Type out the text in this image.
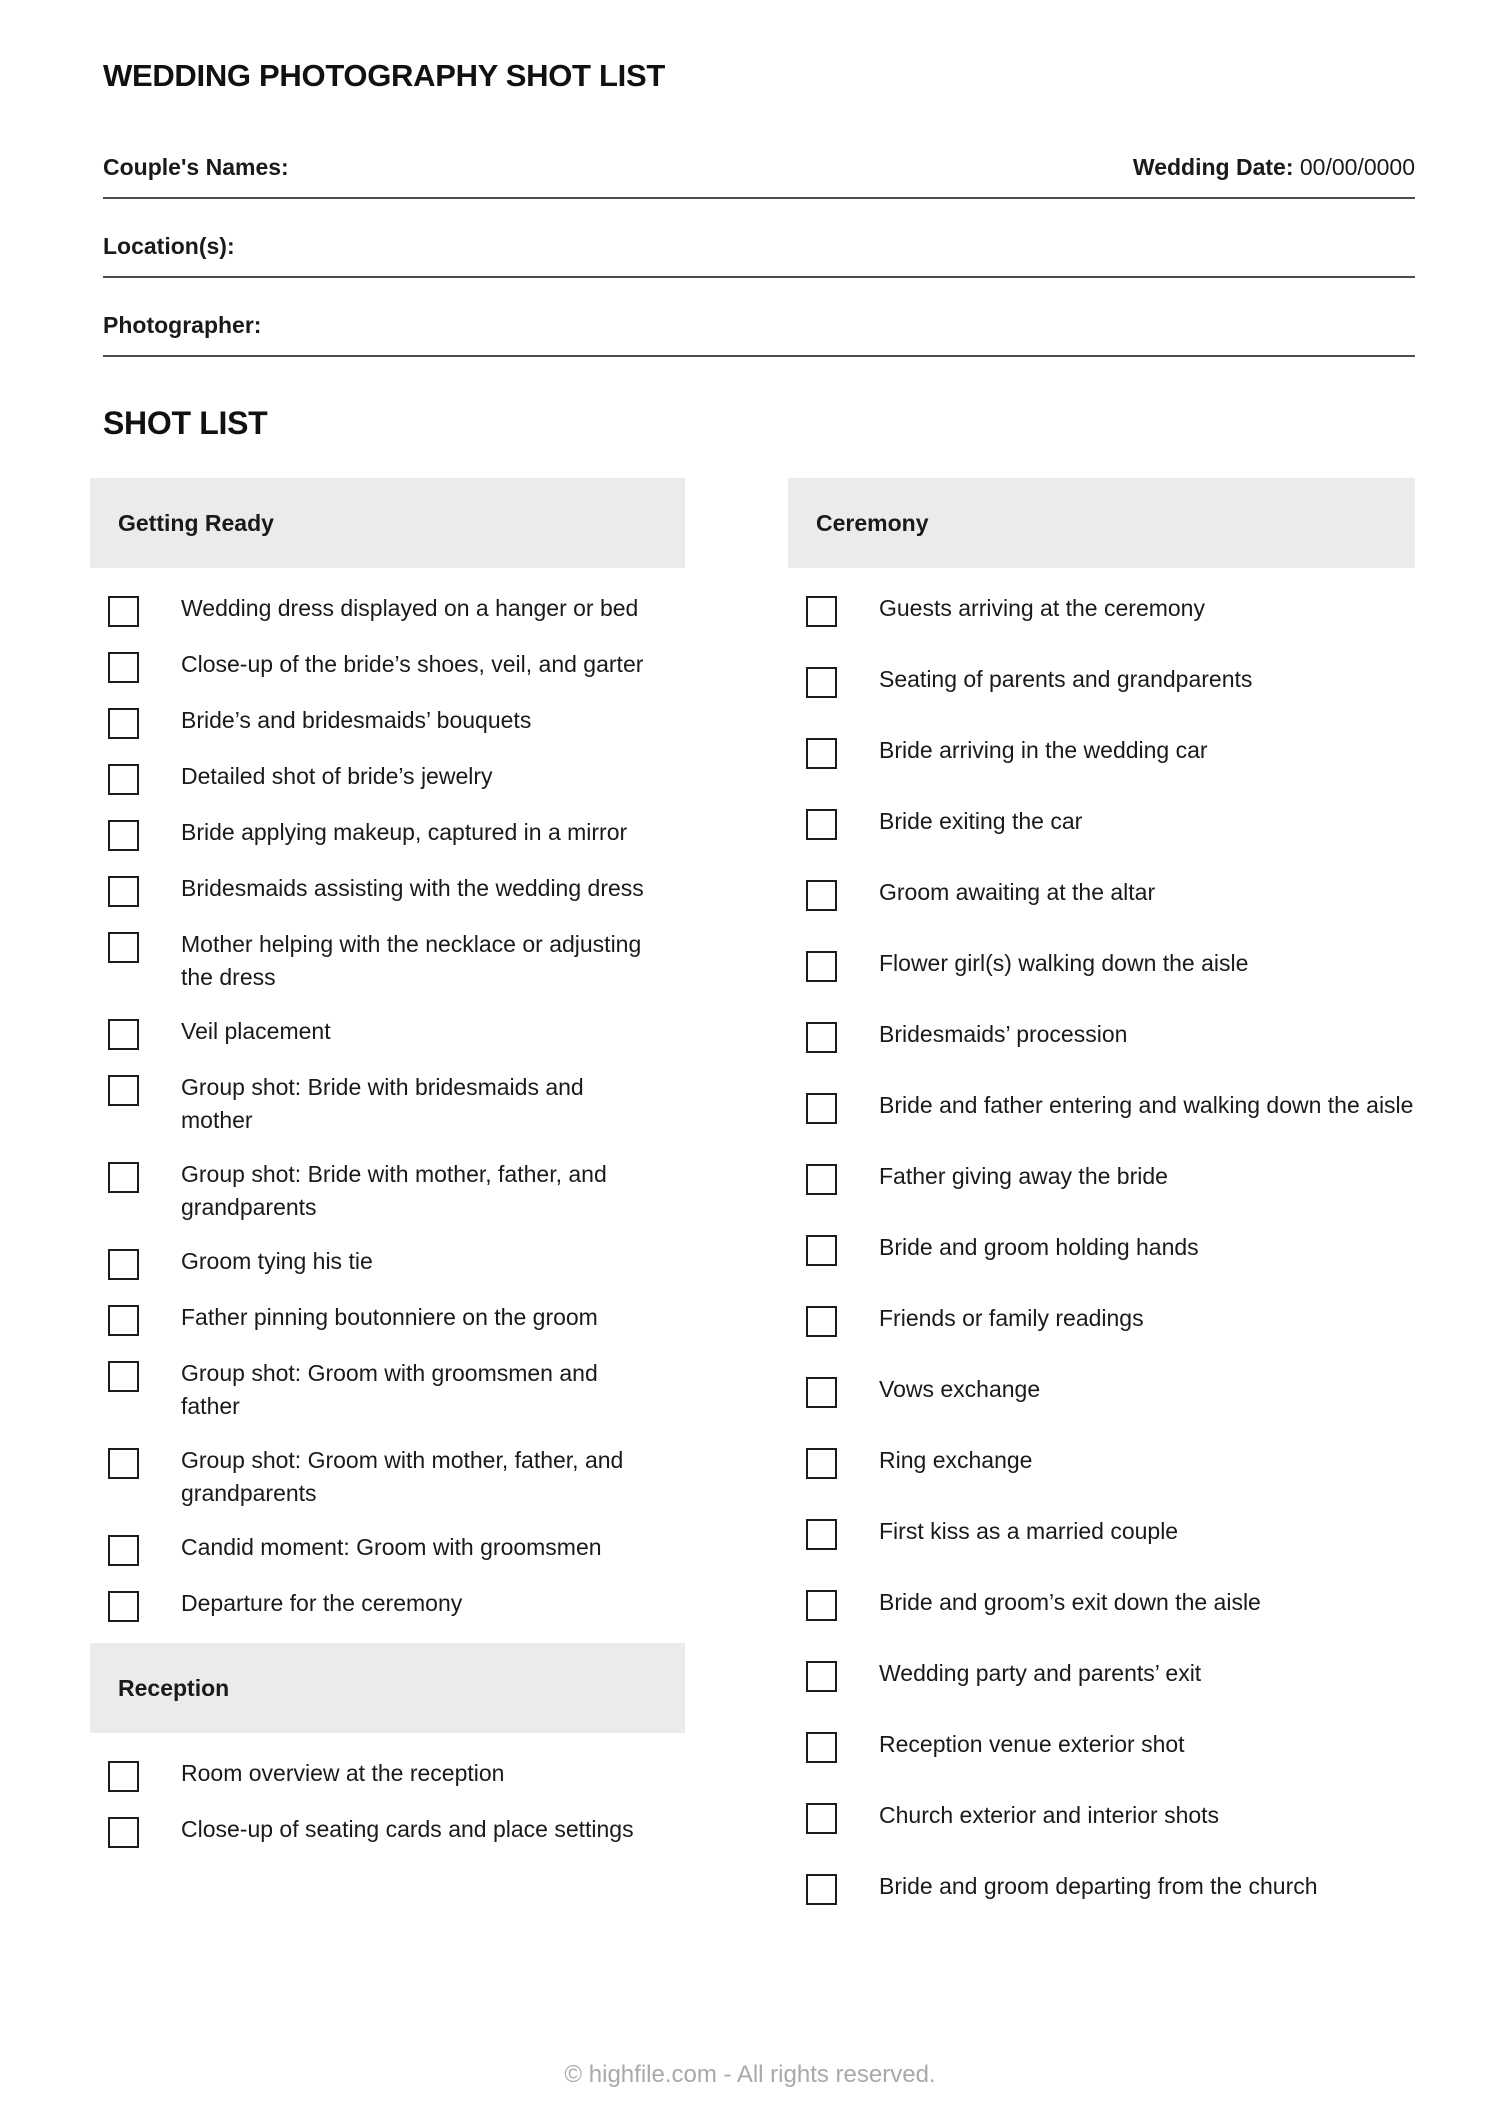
WEDDING PHOTOGRAPHY SHOT LIST
Couple's Names:	Wedding Date: 00/00/0000
Location(s):
Photographer:
SHOT LIST
Getting Ready
Wedding dress displayed on a hanger or bed
Close-up of the bride’s shoes, veil, and garter
Bride’s and bridesmaids’ bouquets
Detailed shot of bride’s jewelry
Bride applying makeup, captured in a mirror
Bridesmaids assisting with the wedding dress
Mother helping with the necklace or adjusting the dress
Veil placement
Group shot: Bride with bridesmaids and mother
Group shot: Bride with mother, father, and grandparents
Groom tying his tie
Father pinning boutonniere on the groom
Group shot: Groom with groomsmen and father
Group shot: Groom with mother, father, and grandparents
Candid moment: Groom with groomsmen
Departure for the ceremony
Reception
Room overview at the reception
Close-up of seating cards and place settings
Ceremony
Guests arriving at the ceremony
Seating of parents and grandparents
Bride arriving in the wedding car
Bride exiting the car
Groom awaiting at the altar
Flower girl(s) walking down the aisle
Bridesmaids’ procession
Bride and father entering and walking down the aisle
Father giving away the bride
Bride and groom holding hands
Friends or family readings
Vows exchange
Ring exchange
First kiss as a married couple
Bride and groom’s exit down the aisle
Wedding party and parents’ exit
Reception venue exterior shot
Church exterior and interior shots
Bride and groom departing from the church
© highfile.com - All rights reserved.
